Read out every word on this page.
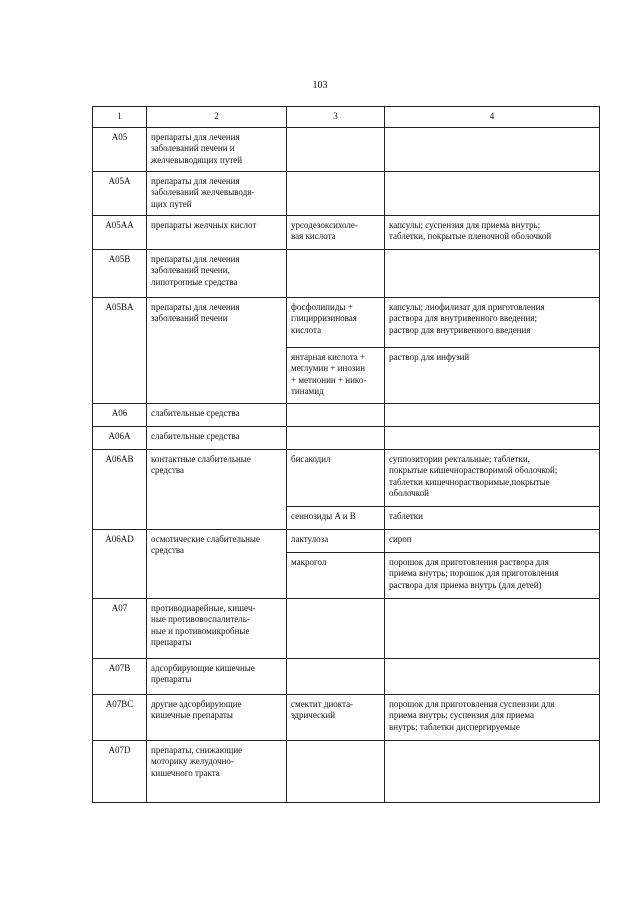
103
1	2	3	4
A05	препараты для лечения
заболеваний печени и
желчевыводящих путей		
A05A	препараты для лечения
заболеваний желчевыводя-
щих путей		
A05AA	препараты желчных кислот	урсодезоксихоле-
вая кислота	капсулы; суспензия для приема внутрь;
таблетки, покрытые пленочной оболочкой
A05B	препараты для лечения
заболеваний печени,
липотропные средства		
A05BA	препараты для лечения
заболеваний печени	фосфолипиды +
глицирризиновая
кислота	капсулы; лиофилизат для приготовления
раствора для внутривенного введения;
раствор для внутривенного введения
		янтарная кислота +
меглумин + инозин
+ метионин + нико-
тинамид	раствор для инфузий
A06	слабительные средства		
A06A	слабительные средства		
A06AB	контактные слабительные
средства	бисакодил	суппозитории ректальные; таблетки,
покрытые кишечнорастворимой оболочкой;
таблетки кишечнорастворимые,покрытые
оболочкой
		сеннозиды A и B	таблетки
A06AD	осмотические слабительные
средства	лактулоза	сироп
		макрогол	порошок для приготовления раствора для
приема внутрь; порошок для приготовления
раствора для приема внутрь (для детей)
A07	противодиарейные, кишеч-
ные противовоспалитель-
ные и противомикробные
препараты		
A07B	адсорбирующие кишечные
препараты		
A07BC	другие адсорбирующие
кишечные препараты	смектит диокта-
эдрический	порошок для приготовления суспензии для
приема внутрь; суспензия для приема
внутрь; таблетки диспергируемые
A07D	препараты, снижающие
моторику желудочно-
кишечного тракта		
